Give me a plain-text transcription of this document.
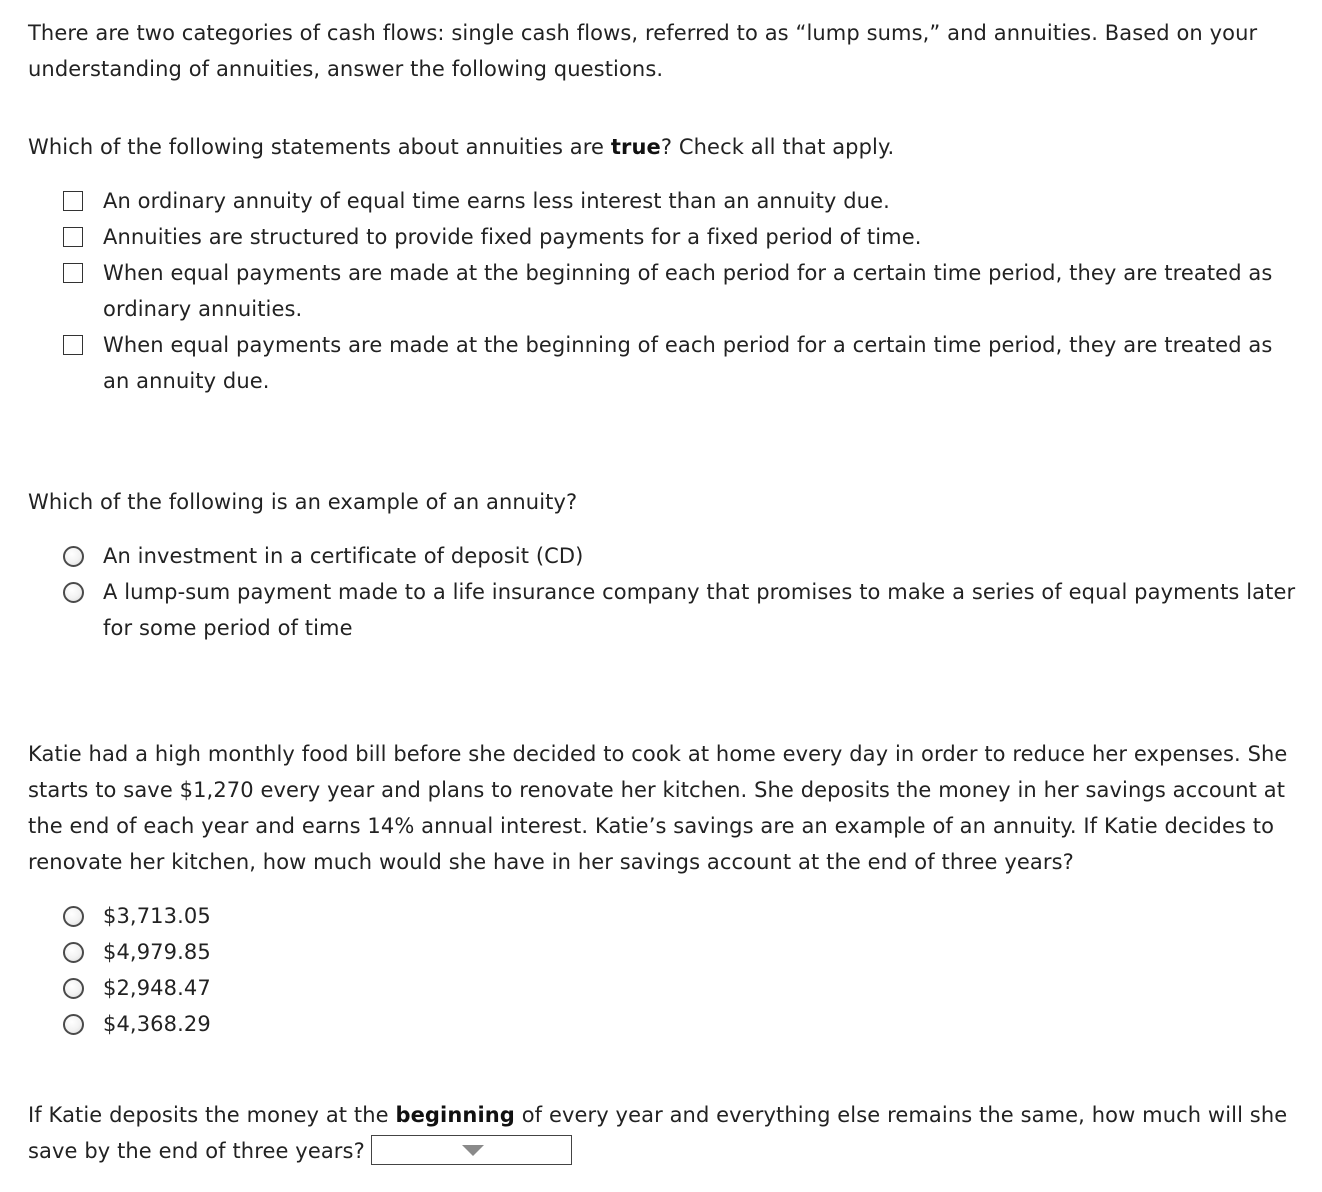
There are two categories of cash flows: single cash flows, referred to as “lump sums,” and annuities. Based on your understanding of annuities, answer the following questions.

Which of the following statements about annuities are true? Check all that apply.

An ordinary annuity of equal time earns less interest than an annuity due.
Annuities are structured to provide fixed payments for a fixed period of time.
When equal payments are made at the beginning of each period for a certain time period, they are treated as ordinary annuities.
When equal payments are made at the beginning of each period for a certain time period, they are treated as an annuity due.

Which of the following is an example of an annuity?

An investment in a certificate of deposit (CD)
A lump-sum payment made to a life insurance company that promises to make a series of equal payments later for some period of time

Katie had a high monthly food bill before she decided to cook at home every day in order to reduce her expenses. She starts to save $1,270 every year and plans to renovate her kitchen. She deposits the money in her savings account at the end of each year and earns 14% annual interest. Katie’s savings are an example of an annuity. If Katie decides to renovate her kitchen, how much would she have in her savings account at the end of three years?

$3,713.05
$4,979.85
$2,948.47
$4,368.29

If Katie deposits the money at the beginning of every year and everything else remains the same, how much will she save by the end of three years?
